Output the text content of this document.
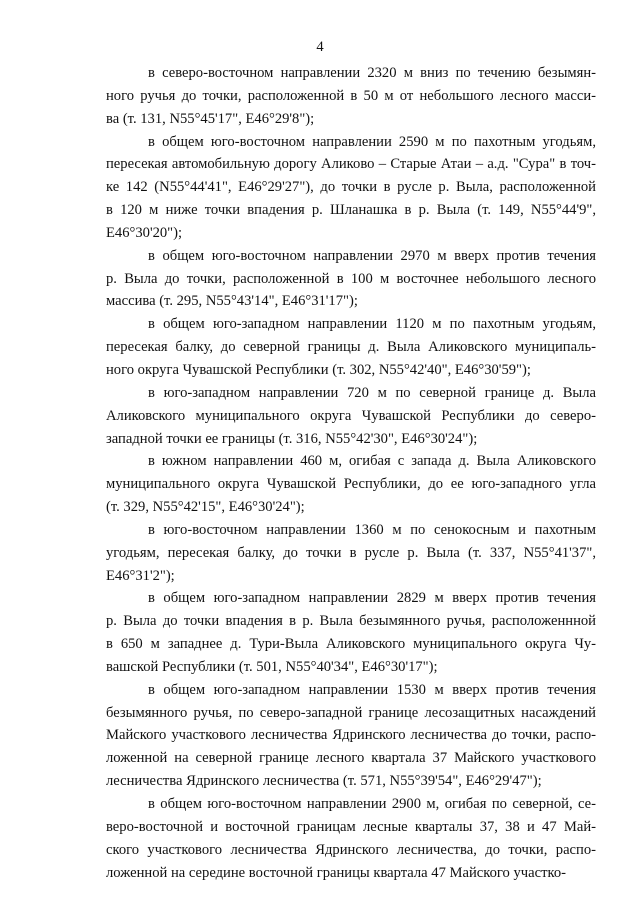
4

в северо-восточном направлении 2320 м вниз по течению безымян-
ного ручья до точки, расположенной в 50 м от небольшого лесного масси-
ва (т. 131, N55°45'17", E46°29'8");

в общем юго-восточном направлении 2590 м по пахотным угодьям,
пересекая автомобильную дорогу Аликово – Старые Атаи – а.д. "Сура" в точ-
ке 142 (N55°44'41", E46°29'27"), до точки в русле р. Выла, расположенной
в 120 м ниже точки впадения р. Шланашка в р. Выла (т. 149, N55°44'9",
E46°30'20");

в общем юго-восточном направлении 2970 м вверх против течения
р. Выла до точки, расположенной в 100 м восточнее небольшого лесного
массива (т. 295, N55°43'14", E46°31'17");

в общем юго-западном направлении 1120 м по пахотным угодьям,
пересекая балку, до северной границы д. Выла Аликовского муниципаль-
ного округа Чувашской Республики (т. 302, N55°42'40", E46°30'59");

в юго-западном направлении 720 м по северной границе д. Выла
Аликовского муниципального округа Чувашской Республики до северо-
западной точки ее границы (т. 316, N55°42'30", E46°30'24");

в южном направлении 460 м, огибая с запада д. Выла Аликовского
муниципального округа Чувашской Республики, до ее юго-западного угла
(т. 329, N55°42'15", E46°30'24");

в юго-восточном направлении 1360 м по сенокосным и пахотным
угодьям, пересекая балку, до точки в русле р. Выла (т. 337, N55°41'37",
E46°31'2");

в общем юго-западном направлении 2829 м вверх против течения
р. Выла до точки впадения в р. Выла безымянного ручья, расположеннной
в 650 м западнее д. Тури-Выла Аликовского муниципального округа Чу-
вашской Республики (т. 501, N55°40'34", E46°30'17");

в общем юго-западном направлении 1530 м вверх против течения
безымянного ручья, по северо-западной границе лесозащитных насаждений
Майского участкового лесничества Ядринского лесничества до точки, распо-
ложенной на северной границе лесного квартала 37 Майского участкового
лесничества Ядринского лесничества (т. 571, N55°39'54", E46°29'47");

в общем юго-восточном направлении 2900 м, огибая по северной, се-
веро-восточной и восточной границам лесные кварталы 37, 38 и 47 Май-
ского участкового лесничества Ядринского лесничества, до точки, распо-
ложенной на середине восточной границы квартала 47 Майского участко-
